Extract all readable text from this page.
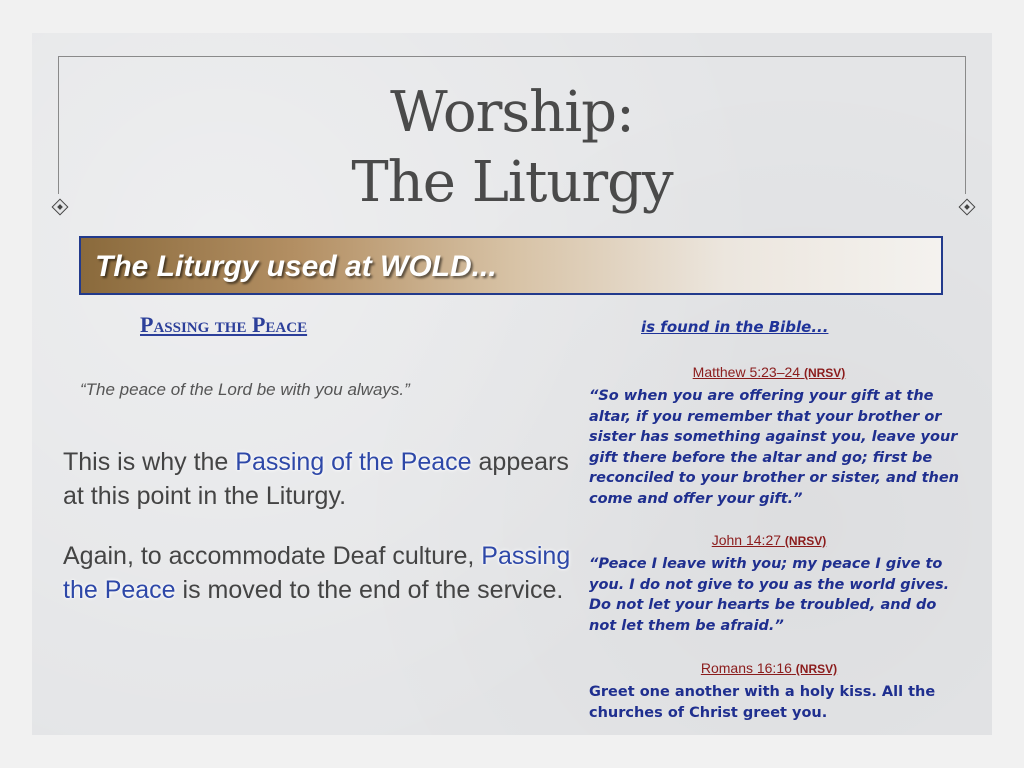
Worship:
The Liturgy
The Liturgy used at WOLD...
Passing the Peace	is found in the Bible...
“The peace of the Lord be with you always.”
This is why the Passing of the Peace appears at this point in the Liturgy.
Again, to accommodate Deaf culture, Passing the Peace is moved to the end of the service.
Matthew 5:23–24 (NRSV)
“So when you are offering your gift at the altar, if you remember that your brother or sister has something against you, leave your gift there before the altar and go; first be reconciled to your brother or sister, and then come and offer your gift.”
John 14:27 (NRSV)
“Peace I leave with you; my peace I give to you. I do not give to you as the world gives. Do not let your hearts be troubled, and do not let them be afraid.”
Romans 16:16 (NRSV)
Greet one another with a holy kiss. All the churches of Christ greet you.
